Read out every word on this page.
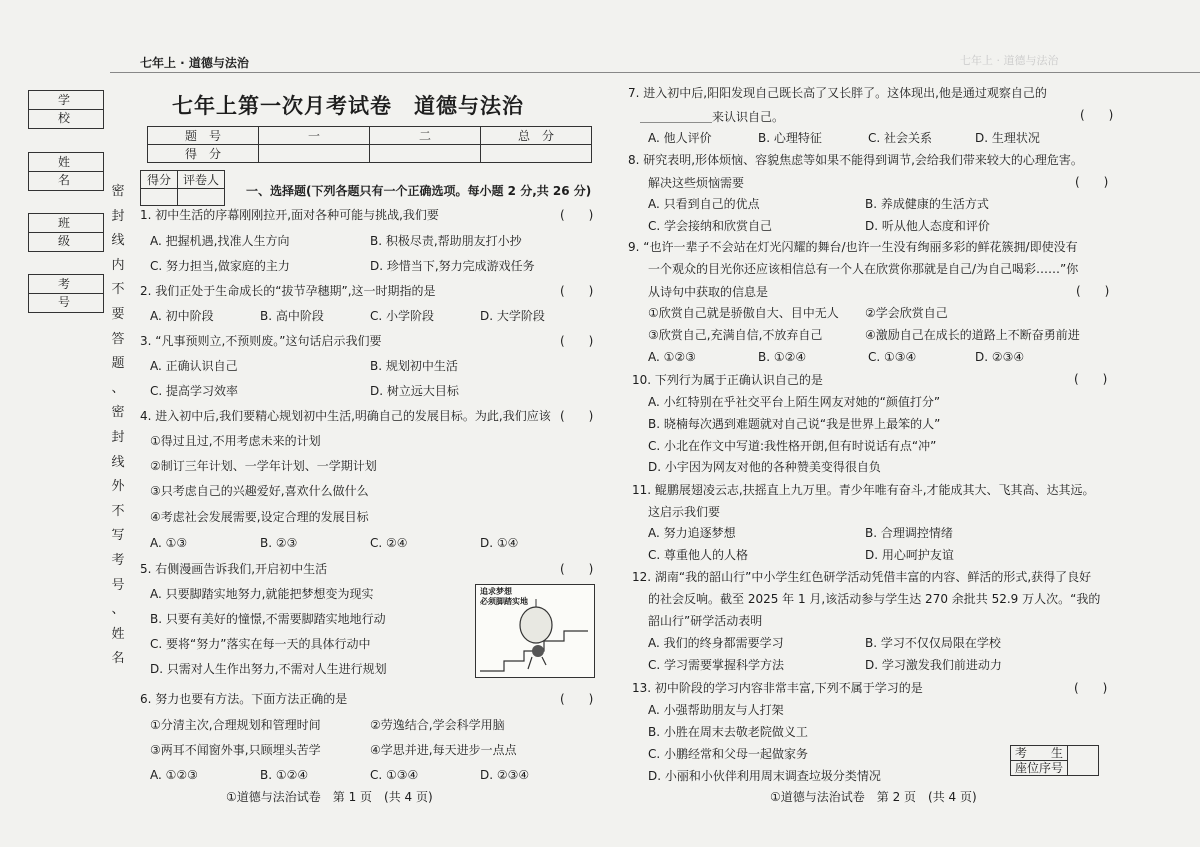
七年上 · 道德与法治	七年上 · 道德与法治
学 校
姓 名
班 级
考 号
密
封
线
内
不
要
答
题
、
密
封
线
外
不
写
考
号
、
姓
名
七年上第一次月考试卷　道德与法治
题　号	一	二	总　分
得　分			
得分	评卷人

一、选择题(下列各题只有一个正确选项。每小题 2 分,共 26 分)
追求梦想
必须脚踏实地
①道德与法治试卷　第 1 页　(共 4 页)	①道德与法治试卷　第 2 页　(共 4 页)
考　　生	
座位序号
1. 初中生活的序幕刚刚拉开,面对各种可能与挑战,我们要	(　　)
A. 把握机遇,找准人生方向	B. 积极尽责,帮助朋友打小抄
C. 努力担当,做家庭的主力	D. 珍惜当下,努力完成游戏任务
2. 我们正处于生命成长的“拔节孕穗期”,这一时期指的是	(　　)
A. 初中阶段	B. 高中阶段	C. 小学阶段	D. 大学阶段
3. “凡事预则立,不预则废。”这句话启示我们要	(　　)
A. 正确认识自己	B. 规划初中生活
C. 提高学习效率	D. 树立远大目标
4. 进入初中后,我们要精心规划初中生活,明确自己的发展目标。为此,我们应该 (　　)
①得过且过,不用考虑未来的计划
②制订三年计划、一学年计划、一学期计划
③只考虑自己的兴趣爱好,喜欢什么做什么
④考虑社会发展需要,设定合理的发展目标
A. ①③	B. ②③	C. ②④	D. ①④
5. 右侧漫画告诉我们,开启初中生活	(　　)
A. 只要脚踏实地努力,就能把梦想变为现实
B. 只要有美好的憧憬,不需要脚踏实地地行动
C. 要将“努力”落实在每一天的具体行动中
D. 只需对人生作出努力,不需对人生进行规划
6. 努力也要有方法。下面方法正确的是	(　　)
①分清主次,合理规划和管理时间	②劳逸结合,学会科学用脑
③两耳不闻窗外事,只顾埋头苦学	④学思并进,每天进步一点点
A. ①②③	B. ①②④	C. ①③④	D. ②③④
7. 进入初中后,阳阳发现自己既长高了又长胖了。这体现出,他是通过观察自己的
＿＿＿＿＿＿来认识自己。
A. 他人评价	B. 心理特征	C. 社会关系	D. 生理状况
8. 研究表明,形体烦恼、容貌焦虑等如果不能得到调节,会给我们带来较大的心理危害。
解决这些烦恼需要
A. 只看到自己的优点	B. 养成健康的生活方式
C. 学会接纳和欣赏自己	D. 听从他人态度和评价
9. “也许一辈子不会站在灯光闪耀的舞台/也许一生没有绚丽多彩的鲜花簇拥/即使没有
一个观众的目光你还应该相信总有一个人在欣赏你那就是自己/为自己喝彩……”你
从诗句中获取的信息是
①欣赏自己就是骄傲自大、目中无人 ②学会欣赏自己
③欣赏自己,充满自信,不放弃自己	④激励自己在成长的道路上不断奋勇前进
A. ①②③	B. ①②④	C. ①③④	D. ②③④
10. 下列行为属于正确认识自己的是
A. 小红特别在乎社交平台上陌生网友对她的“颜值打分”
B. 晓楠每次遇到难题就对自己说“我是世界上最笨的人”
C. 小北在作文中写道:我性格开朗,但有时说话有点“冲”
D. 小宇因为网友对他的各种赞美变得很自负
11. 鲲鹏展翅凌云志,扶摇直上九万里。青少年唯有奋斗,才能成其大、飞其高、达其远。
这启示我们要
A. 努力追逐梦想	B. 合理调控情绪
C. 尊重他人的人格	D. 用心呵护友谊
12. 湖南“我的韶山行”中小学生红色研学活动凭借丰富的内容、鲜活的形式,获得了良好
的社会反响。截至 2025 年 1 月,该活动参与学生达 270 余批共 52.9 万人次。“我的
韶山行”研学活动表明
A. 我们的终身都需要学习	B. 学习不仅仅局限在学校
C. 学习需要掌握科学方法	D. 学习激发我们前进动力
13. 初中阶段的学习内容非常丰富,下列不属于学习的是
A. 小强帮助朋友与人打架
B. 小胜在周末去敬老院做义工
C. 小鹏经常和父母一起做家务
D. 小丽和小伙伴利用周末调查垃圾分类情况
(　　)
(　　)
(　　)
(　　)
(　　)
